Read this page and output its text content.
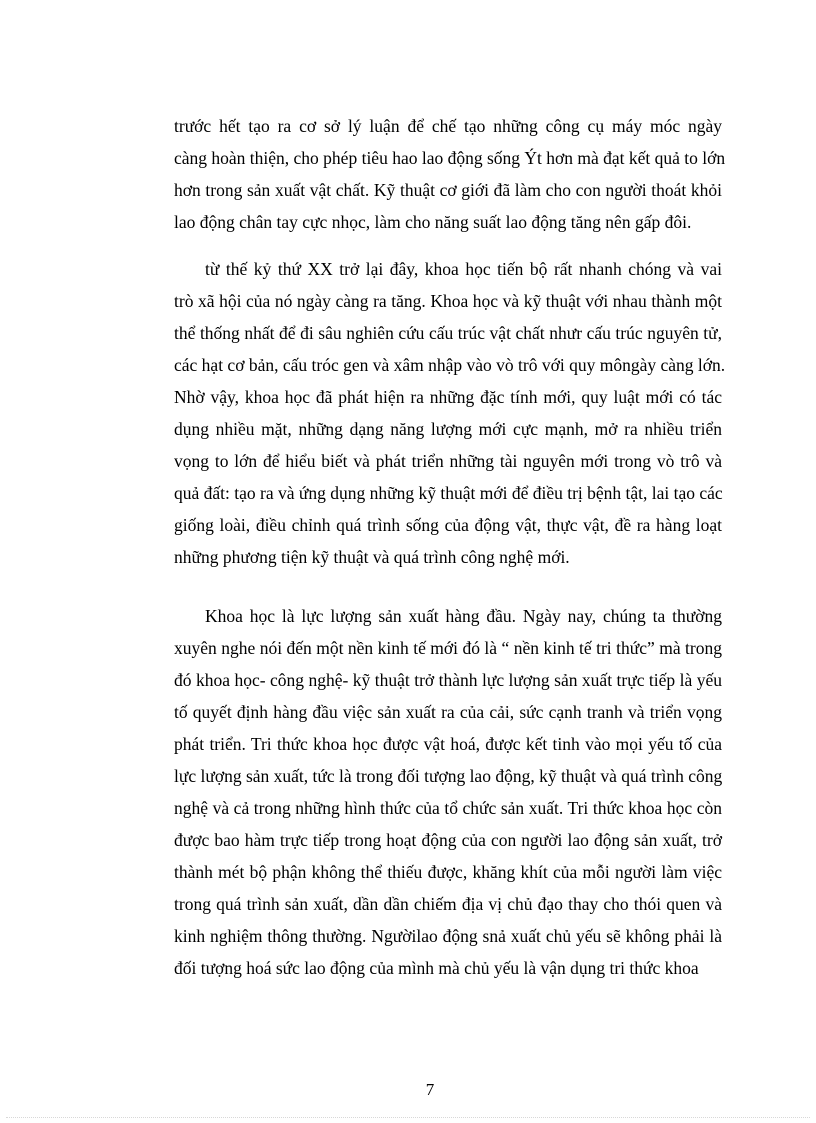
trước hết tạo ra cơ sở lý luận để chế tạo những công cụ máy móc ngày
càng hoàn thiện, cho phép tiêu hao lao động sống Ýt hơn mà đạt kết quả to lớn
hơn trong sản xuất vật chất. Kỹ thuật cơ giới đã làm cho con người thoát khỏi
lao động chân tay cực nhọc, làm cho năng suất lao động tăng nên gấp đôi.
từ thế kỷ thứ XX trở lại đây, khoa học tiến bộ rất nhanh chóng và vai
trò xã hội của nó ngày càng ra tăng. Khoa học và kỹ thuật với nhau thành một
thể thống nhất để đi sâu nghiên cứu cấu trúc vật chất nhưr cấu trúc nguyên tử,
các hạt cơ bản, cấu tróc gen và xâm nhập vào vò trô với quy môngày càng lớn.
Nhờ vậy, khoa học đã phát hiện ra những đặc tính mới, quy luật mới có tác
dụng nhiều mặt, những dạng năng lượng mới cực mạnh, mở ra nhiều triển
vọng to lớn để hiểu biết và phát triển những tài nguyên mới trong vò trô và
quả đất: tạo ra và ứng dụng những kỹ thuật mới để điều trị bệnh tật, lai tạo các
giống loài, điều chỉnh quá trình sống của động vật, thực vật, đề ra hàng loạt
những phương tiện kỹ thuật và quá trình công nghệ mới.
Khoa học là lực lượng sản xuất hàng đầu. Ngày nay, chúng ta thường
xuyên nghe nói đến một nền kinh tế mới đó là “ nền kinh tế tri thức” mà trong
đó khoa học- công nghệ- kỹ thuật trở thành lực lượng sản xuất trực tiếp là yếu
tố quyết định hàng đầu việc sản xuất ra của cải, sức cạnh tranh và triển vọng
phát triển. Tri thức khoa học được vật hoá, được kết tinh vào mọi yếu tố của
lực lượng sản xuất, tức là trong đối tượng lao động, kỹ thuật và quá trình công
nghệ và cả trong những hình thức của tổ chức sản xuất. Tri thức khoa học còn
được bao hàm trực tiếp trong hoạt động của con người lao động sản xuất, trở
thành mét bộ phận không thể thiếu được, khăng khít của mỗi người làm việc
trong quá trình sản xuất, dần dần chiếm địa vị chủ đạo thay cho thói quen và
kinh nghiệm thông thường. Ngườilao động snả xuất chủ yếu sẽ không phải là
đối tượng hoá sức lao động của mình mà chủ yếu là vận dụng tri thức khoa
7
